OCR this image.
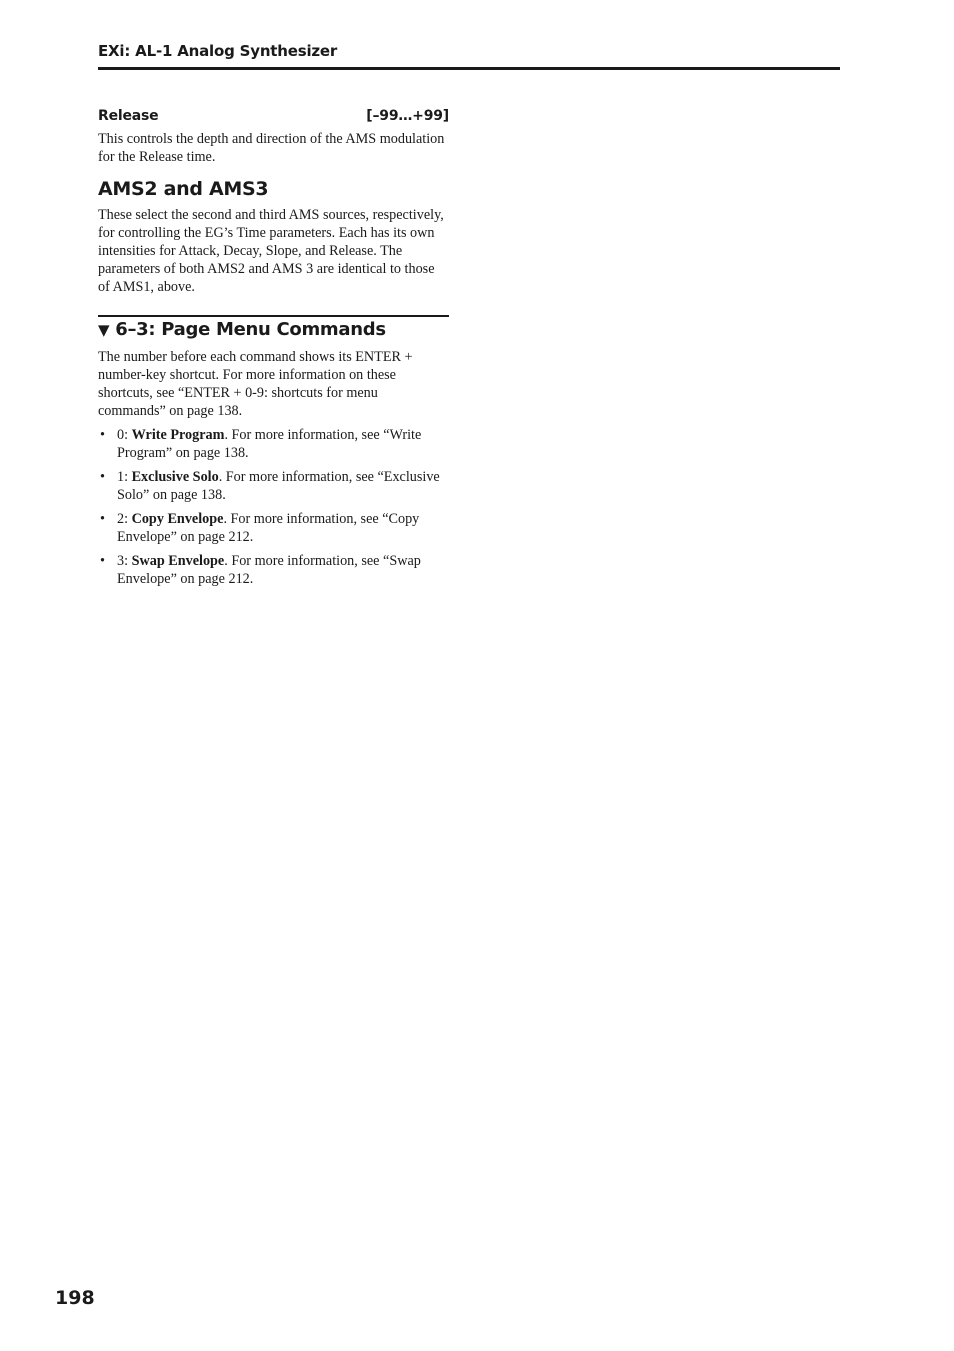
EXi: AL-1 Analog Synthesizer
Release	[–99…+99]

This controls the depth and direction of the AMS modulation for the Release time.

AMS2 and AMS3

These select the second and third AMS sources, respectively, for controlling the EG’s Time parameters. Each has its own intensities for Attack, Decay, Slope, and Release. The parameters of both AMS2 and AMS 3 are identical to those of AMS1, above.

▼ 6–3: Page Menu Commands

The number before each command shows its ENTER + number-key shortcut. For more information on these shortcuts, see “ENTER + 0-9: shortcuts for menu commands” on page 138.

• 0: Write Program. For more information, see “Write Program” on page 138.
• 1: Exclusive Solo. For more information, see “Exclusive Solo” on page 138.
• 2: Copy Envelope. For more information, see “Copy Envelope” on page 212.
• 3: Swap Envelope. For more information, see “Swap Envelope” on page 212.
198
